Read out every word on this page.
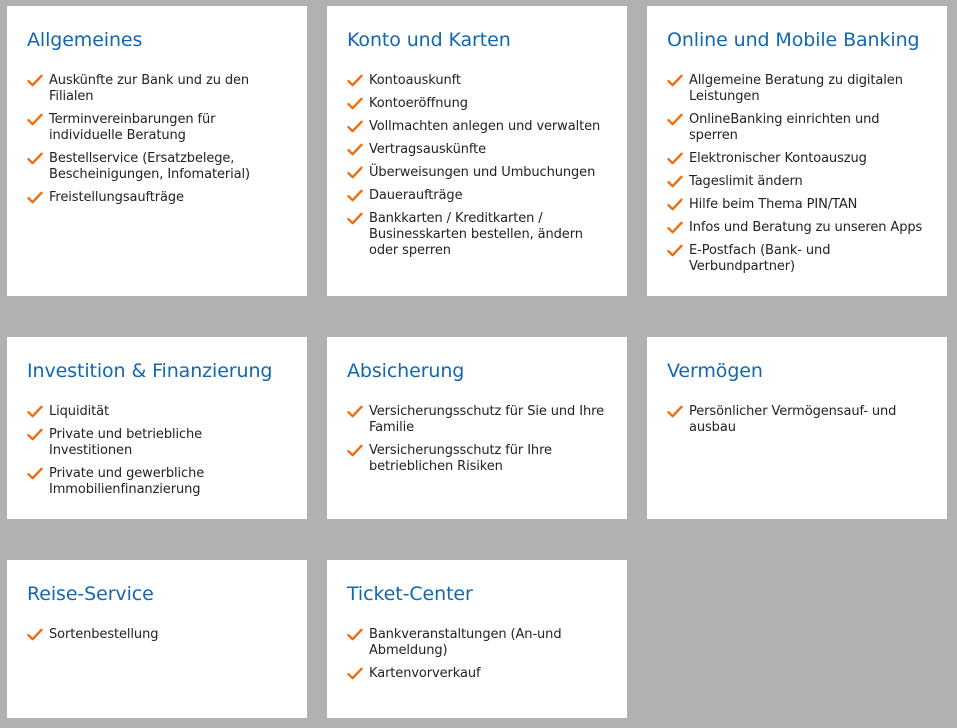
Allgemeines
Auskünfte zur Bank und zu den Filialen
Terminvereinbarungen für individuelle Beratung
Bestellservice (Ersatzbelege, Bescheinigungen, Infomaterial)
Freistellungsaufträge
Konto und Karten
Kontoauskunft
Kontoeröffnung
Vollmachten anlegen und verwalten
Vertragsauskünfte
Überweisungen und Umbuchungen
Daueraufträge
Bankkarten / Kreditkarten / Businesskarten bestellen, ändern oder sperren
Online und Mobile Banking
Allgemeine Beratung zu digitalen Leistungen
OnlineBanking einrichten und sperren
Elektronischer Kontoauszug
Tageslimit ändern
Hilfe beim Thema PIN/TAN
Infos und Beratung zu unseren Apps
E-Postfach (Bank- und Verbundpartner)
Investition & Finanzierung
Liquidität
Private und betriebliche Investitionen
Private und gewerbliche Immobilienfinanzierung
Absicherung
Versicherungsschutz für Sie und Ihre Familie
Versicherungsschutz für Ihre betrieblichen Risiken
Vermögen
Persönlicher Vermögensauf- und ausbau
Reise-Service
Sortenbestellung
Ticket-Center
Bankveranstaltungen (An-und Abmeldung)
Kartenvorverkauf
